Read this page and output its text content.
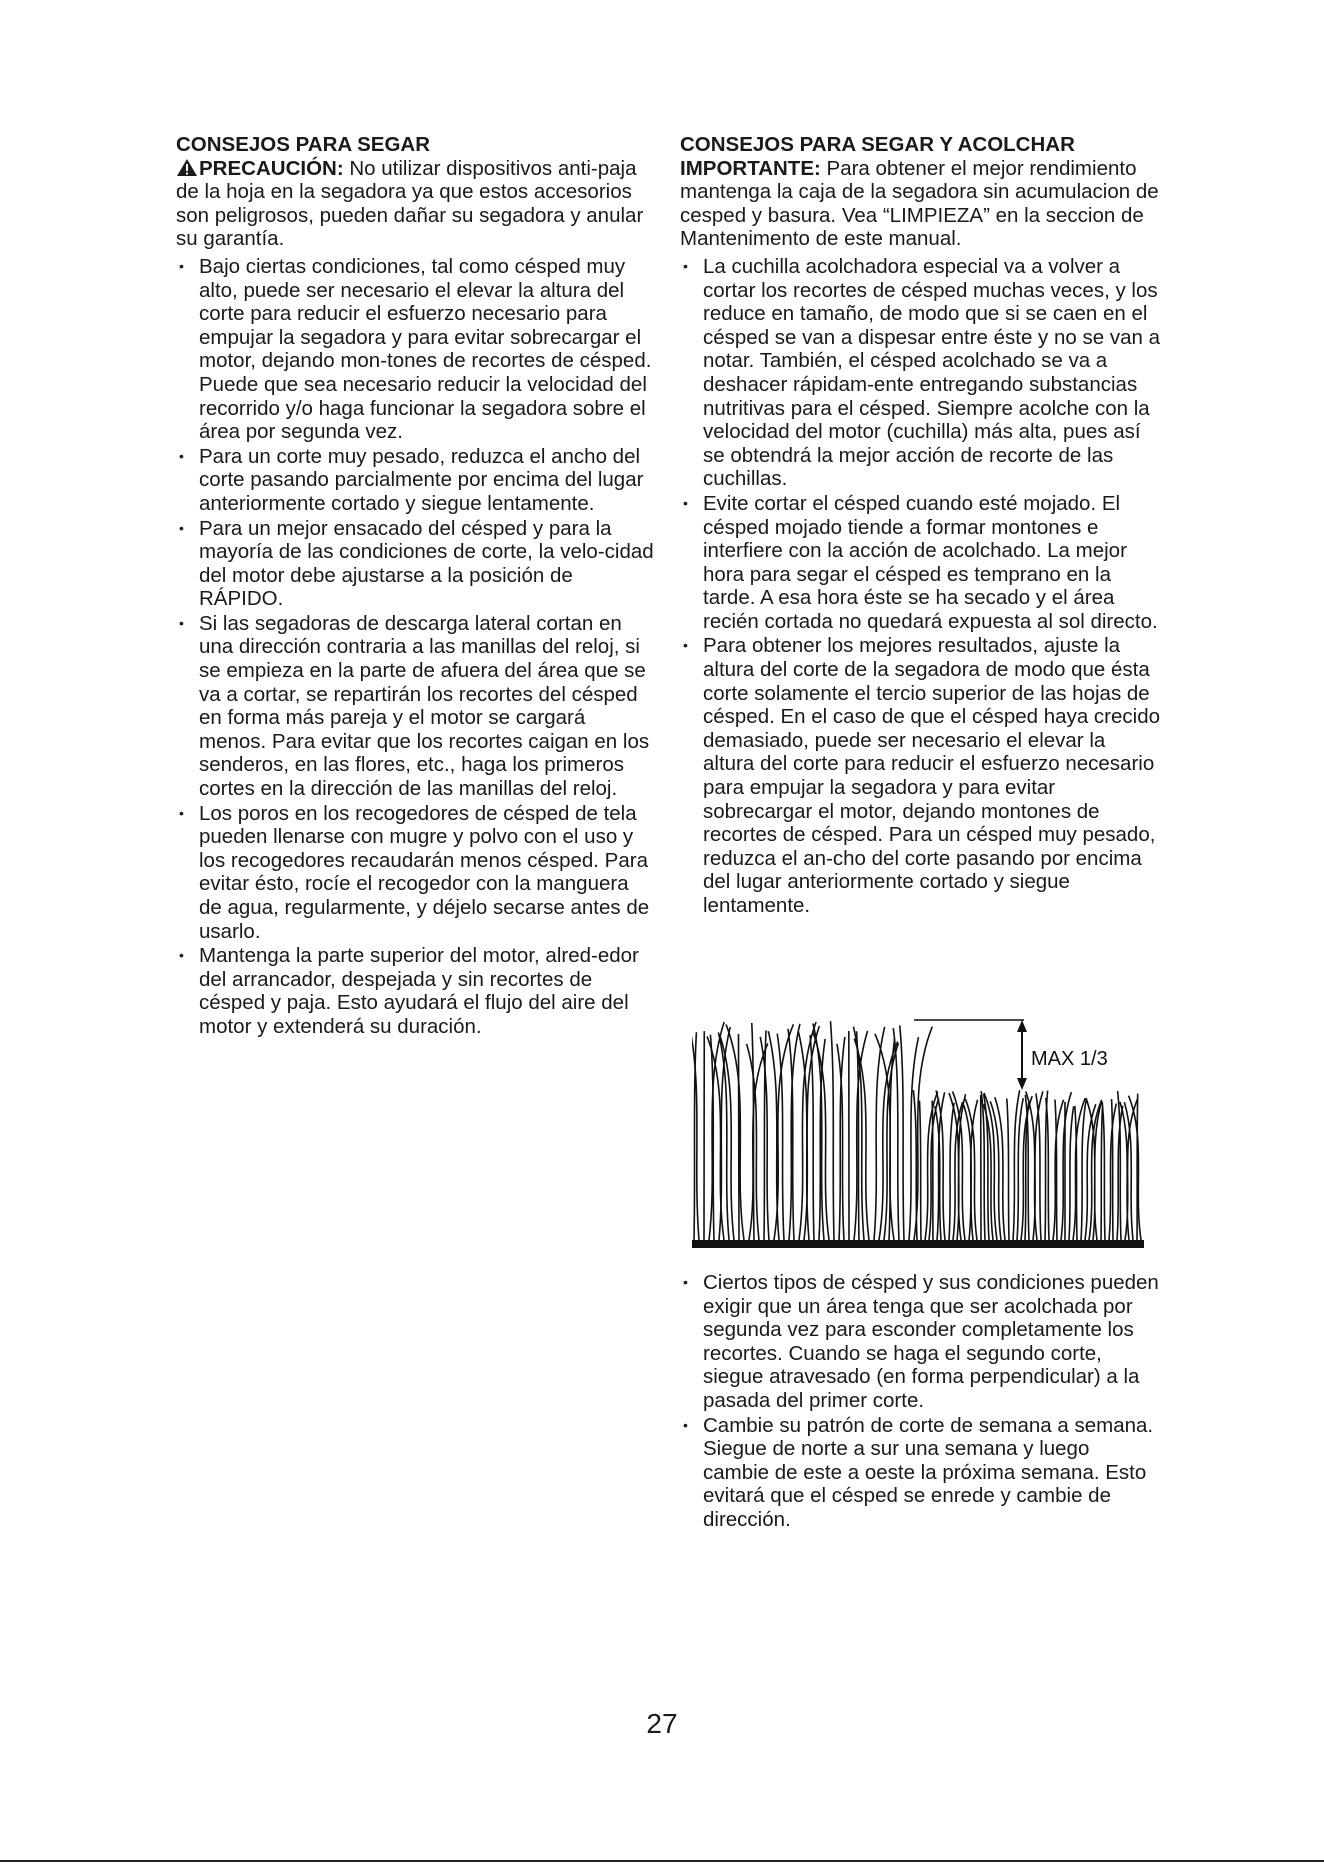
CONSEJOS PARA SEGAR

PRECAUCIÓN: No utilizar dispositivos anti-paja de la hoja en la segadora ya que estos accesorios son peligrosos, pueden dañar su segadora y anular su garantía.

• Bajo ciertas condiciones, tal como césped muy alto, puede ser necesario el elevar la altura del corte para reducir el esfuerzo necesario para empujar la segadora y para evitar sobrecargar el motor, dejando mon-tones de recortes de césped. Puede que sea necesario reducir la velocidad del recorrido y/o haga funcionar la segadora sobre el área por segunda vez.
• Para un corte muy pesado, reduzca el ancho del corte pasando parcialmente por encima del lugar anteriormente cortado y siegue lentamente.
• Para un mejor ensacado del césped y para la mayoría de las condiciones de corte, la velo-cidad del motor debe ajustarse a la posición de RÁPIDO.
• Si las segadoras de descarga lateral cortan en una dirección contraria a las manillas del reloj, si se empieza en la parte de afuera del área que se va a cortar, se repartirán los recortes del césped en forma más pareja y el motor se cargará menos. Para evitar que los recortes caigan en los senderos, en las flores, etc., haga los primeros cortes en la dirección de las manillas del reloj.
• Los poros en los recogedores de césped de tela pueden llenarse con mugre y polvo con el uso y los recogedores recaudarán menos césped. Para evitar ésto, rocíe el recogedor con la manguera de agua, regularmente, y déjelo secarse antes de usarlo.
• Mantenga la parte superior del motor, alred-edor del arrancador, despejada y sin recortes de césped y paja. Esto ayudará el flujo del aire del motor y extenderá su duración.

CONSEJOS PARA SEGAR Y ACOLCHAR

IMPORTANTE: Para obtener el mejor rendimiento mantenga la caja de la segadora sin acumulacion de cesped y basura. Vea “LIMPIEZA” en la seccion de Mantenimento de este manual.

• La cuchilla acolchadora especial va a volver a cortar los recortes de césped muchas veces, y los reduce en tamaño, de modo que si se caen en el césped se van a dispesar entre éste y no se van a notar. También, el césped acolchado se va a deshacer rápidam-ente entregando substancias nutritivas para el césped. Siempre acolche con la velocidad del motor (cuchilla) más alta, pues así se obtendrá la mejor acción de recorte de las cuchillas.
• Evite cortar el césped cuando esté mojado. El césped mojado tiende a formar montones e interfiere con la acción de acolchado. La mejor hora para segar el césped es temprano en la tarde. A esa hora éste se ha secado y el área recién cortada no quedará expuesta al sol directo.
• Para obtener los mejores resultados, ajuste la altura del corte de la segadora de modo que ésta corte solamente el tercio superior de las hojas de césped. En el caso de que el césped haya crecido demasiado, puede ser necesario el elevar la altura del corte para reducir el esfuerzo necesario para empujar la segadora y para evitar sobrecargar el motor, dejando montones de recortes de césped. Para un césped muy pesado, reduzca el an-cho del corte pasando por encima del lugar anteriormente cortado y siegue lentamente.
MAX 1/3
• Ciertos tipos de césped y sus condiciones pueden exigir que un área tenga que ser acolchada por segunda vez para esconder completamente los recortes. Cuando se haga el segundo corte, siegue atravesado (en forma perpendicular) a la pasada del primer corte.
• Cambie su patrón de corte de semana a semana. Siegue de norte a sur una semana y luego cambie de este a oeste la próxima semana. Esto evitará que el césped se enrede y cambie de dirección.
27
